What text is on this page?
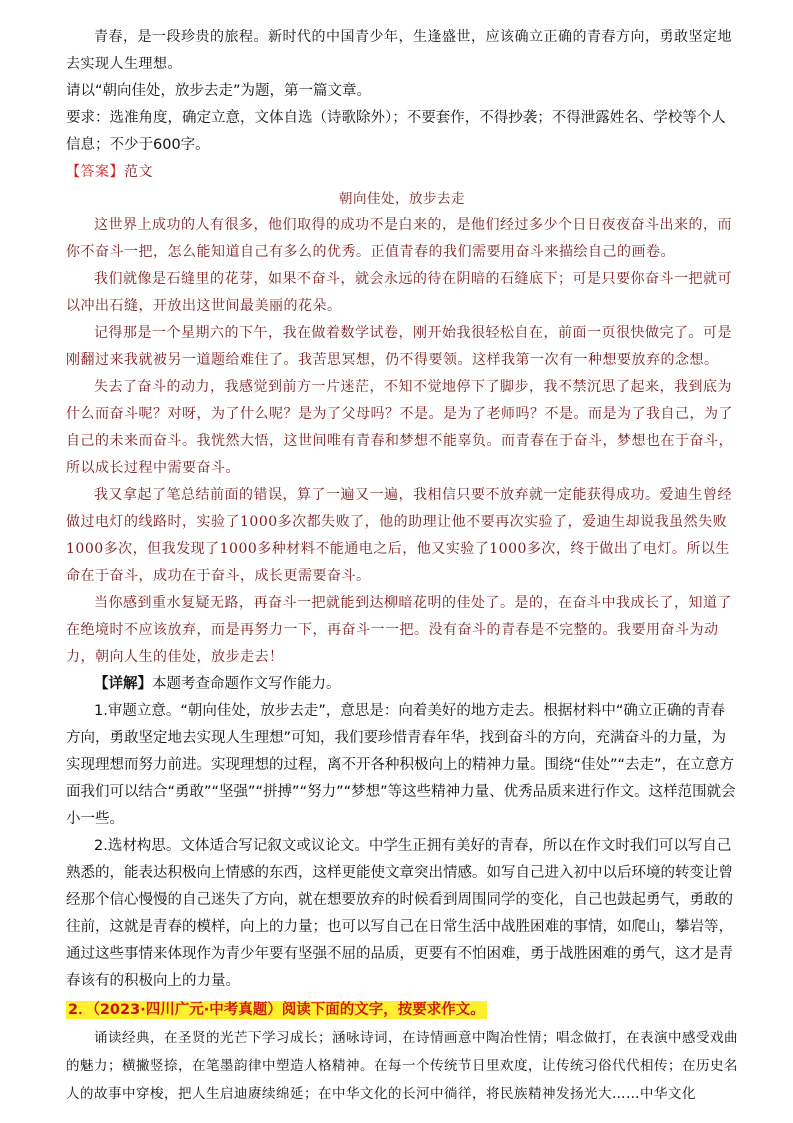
青春，是一段珍贵的旅程。新时代的中国青少年，生逢盛世，应该确立正确的青春方向，勇敢坚定地去实现人生理想。

请以“朝向佳处，放步去走”为题，第一篇文章。

要求：选准角度，确定立意，文体自选（诗歌除外）；不要套作，不得抄袭；不得泄露姓名、学校等个人信息；不少于600字。

【答案】范文

朝向佳处，放步去走

这世界上成功的人有很多，他们取得的成功不是白来的，是他们经过多少个日日夜夜奋斗出来的，而你不奋斗一把，怎么能知道自己有多么的优秀。正值青春的我们需要用奋斗来描绘自己的画卷。

我们就像是石缝里的花芽，如果不奋斗，就会永远的待在阴暗的石缝底下；可是只要你奋斗一把就可以冲出石缝，开放出这世间最美丽的花朵。

记得那是一个星期六的下午，我在做着数学试卷，刚开始我很轻松自在，前面一页很快做完了。可是刚翻过来我就被另一道题给难住了。我苦思冥想，仍不得要领。这样我第一次有一种想要放弃的念想。

失去了奋斗的动力，我感觉到前方一片迷茫，不知不觉地停下了脚步，我不禁沉思了起来，我到底为什么而奋斗呢？对呀，为了什么呢？是为了父母吗？不是。是为了老师吗？不是。而是为了我自己，为了自己的未来而奋斗。我恍然大悟，这世间唯有青春和梦想不能辜负。而青春在于奋斗，梦想也在于奋斗，所以成长过程中需要奋斗。

我又拿起了笔总结前面的错误，算了一遍又一遍，我相信只要不放弃就一定能获得成功。爱迪生曾经做过电灯的线路时，实验了1000多次都失败了，他的助理让他不要再次实验了，爱迪生却说我虽然失败1000多次，但我发现了1000多种材料不能通电之后，他又实验了1000多次，终于做出了电灯。所以生命在于奋斗，成功在于奋斗，成长更需要奋斗。

当你感到重水复疑无路，再奋斗一把就能到达柳暗花明的佳处了。是的，在奋斗中我成长了，知道了在绝境时不应该放弃，而是再努力一下，再奋斗一一把。没有奋斗的青春是不完整的。我要用奋斗为动力，朝向人生的佳处，放步走去！

【详解】本题考查命题作文写作能力。

1.审题立意。“朝向佳处，放步去走”，意思是：向着美好的地方走去。根据材料中“确立正确的青春方向，勇敢坚定地去实现人生理想”可知，我们要珍惜青春年华，找到奋斗的方向，充满奋斗的力量，为实现理想而努力前进。实现理想的过程，离不开各种积极向上的精神力量。围绕“佳处”“去走”，在立意方面我们可以结合“勇敢”“坚强”“拼搏”“努力”“梦想”等这些精神力量、优秀品质来进行作文。这样范围就会小一些。

2.选材构思。文体适合写记叙文或议论文。中学生正拥有美好的青春，所以在作文时我们可以写自己熟悉的，能表达积极向上情感的东西，这样更能使文章突出情感。如写自己进入初中以后环境的转变让曾经那个信心慢慢的自己迷失了方向，就在想要放弃的时候看到周围同学的变化，自己也鼓起勇气，勇敢的往前，这就是青春的模样，向上的力量；也可以写自己在日常生活中战胜困难的事情，如爬山，攀岩等，通过这些事情来体现作为青少年要有坚强不屈的品质，更要有不怕困难，勇于战胜困难的勇气，这才是青春该有的积极向上的力量。

2．（2023·四川广元·中考真题）阅读下面的文字，按要求作文。

诵读经典，在圣贤的光芒下学习成长；涵咏诗词，在诗情画意中陶冶性情；唱念做打，在表演中感受戏曲的魅力；横撇竖捺，在笔墨韵律中塑造人格精神。在每一个传统节日里欢度，让传统习俗代代相传；在历史名人的故事中穿梭，把人生启迪赓续绵延；在中华文化的长河中徜徉，将民族精神发扬光大……中华文化
